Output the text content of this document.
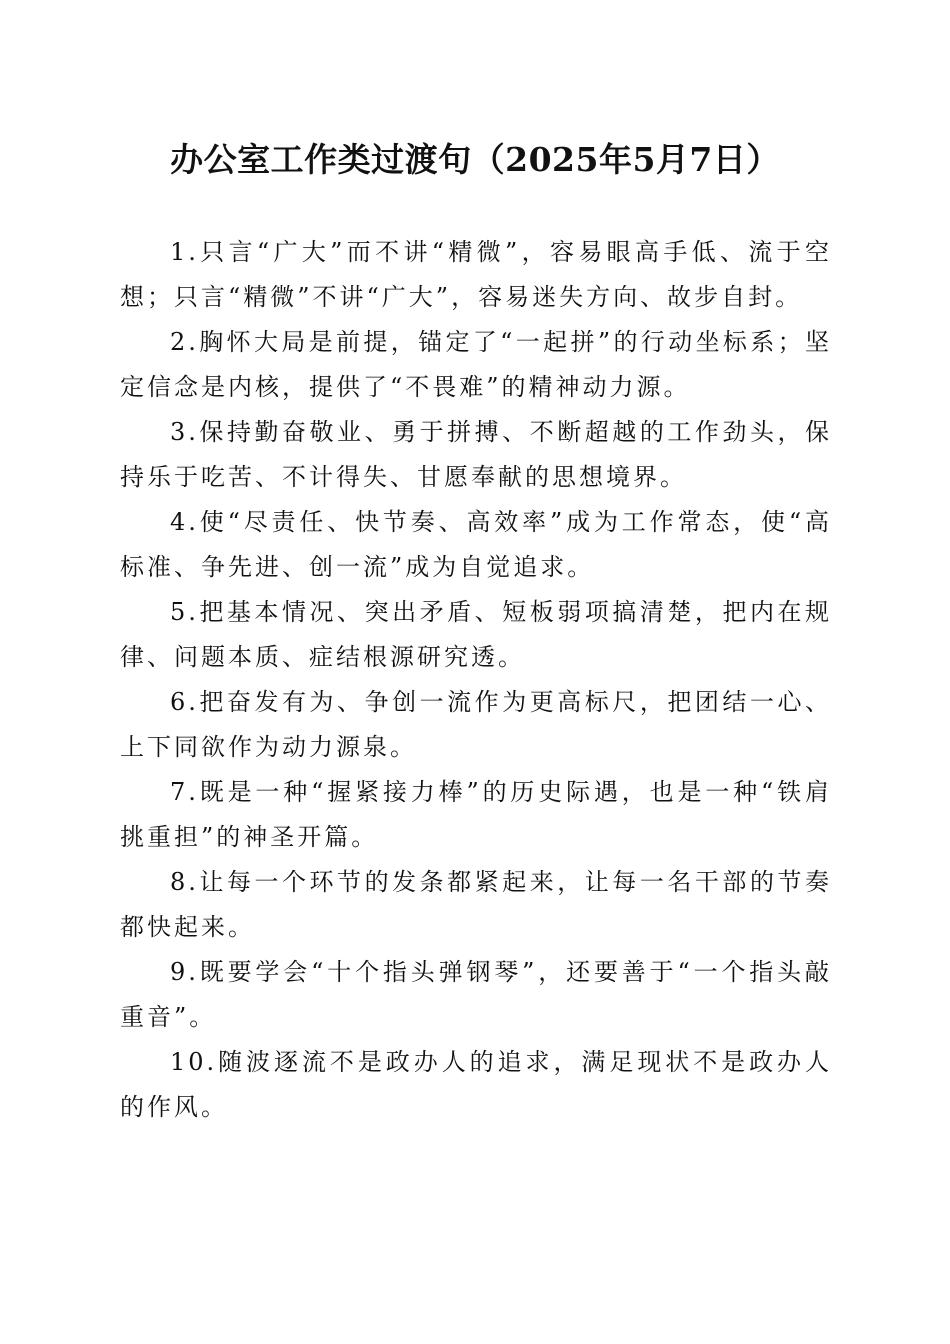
办公室工作类过渡句（2025年5月7日）

1.只言“广大”而不讲“精微”，容易眼高手低、流于空想；只言“精微”不讲“广大”，容易迷失方向、故步自封。

2.胸怀大局是前提，锚定了“一起拼”的行动坐标系；坚定信念是内核，提供了“不畏难”的精神动力源。

3.保持勤奋敬业、勇于拼搏、不断超越的工作劲头，保持乐于吃苦、不计得失、甘愿奉献的思想境界。

4.使“尽责任、快节奏、高效率”成为工作常态，使“高标准、争先进、创一流”成为自觉追求。

5.把基本情况、突出矛盾、短板弱项搞清楚，把内在规律、问题本质、症结根源研究透。

6.把奋发有为、争创一流作为更高标尺，把团结一心、上下同欲作为动力源泉。

7.既是一种“握紧接力棒”的历史际遇，也是一种“铁肩挑重担”的神圣开篇。

8.让每一个环节的发条都紧起来，让每一名干部的节奏都快起来。

9.既要学会“十个指头弹钢琴”，还要善于“一个指头敲重音”。

10.随波逐流不是政办人的追求，满足现状不是政办人的作风。
